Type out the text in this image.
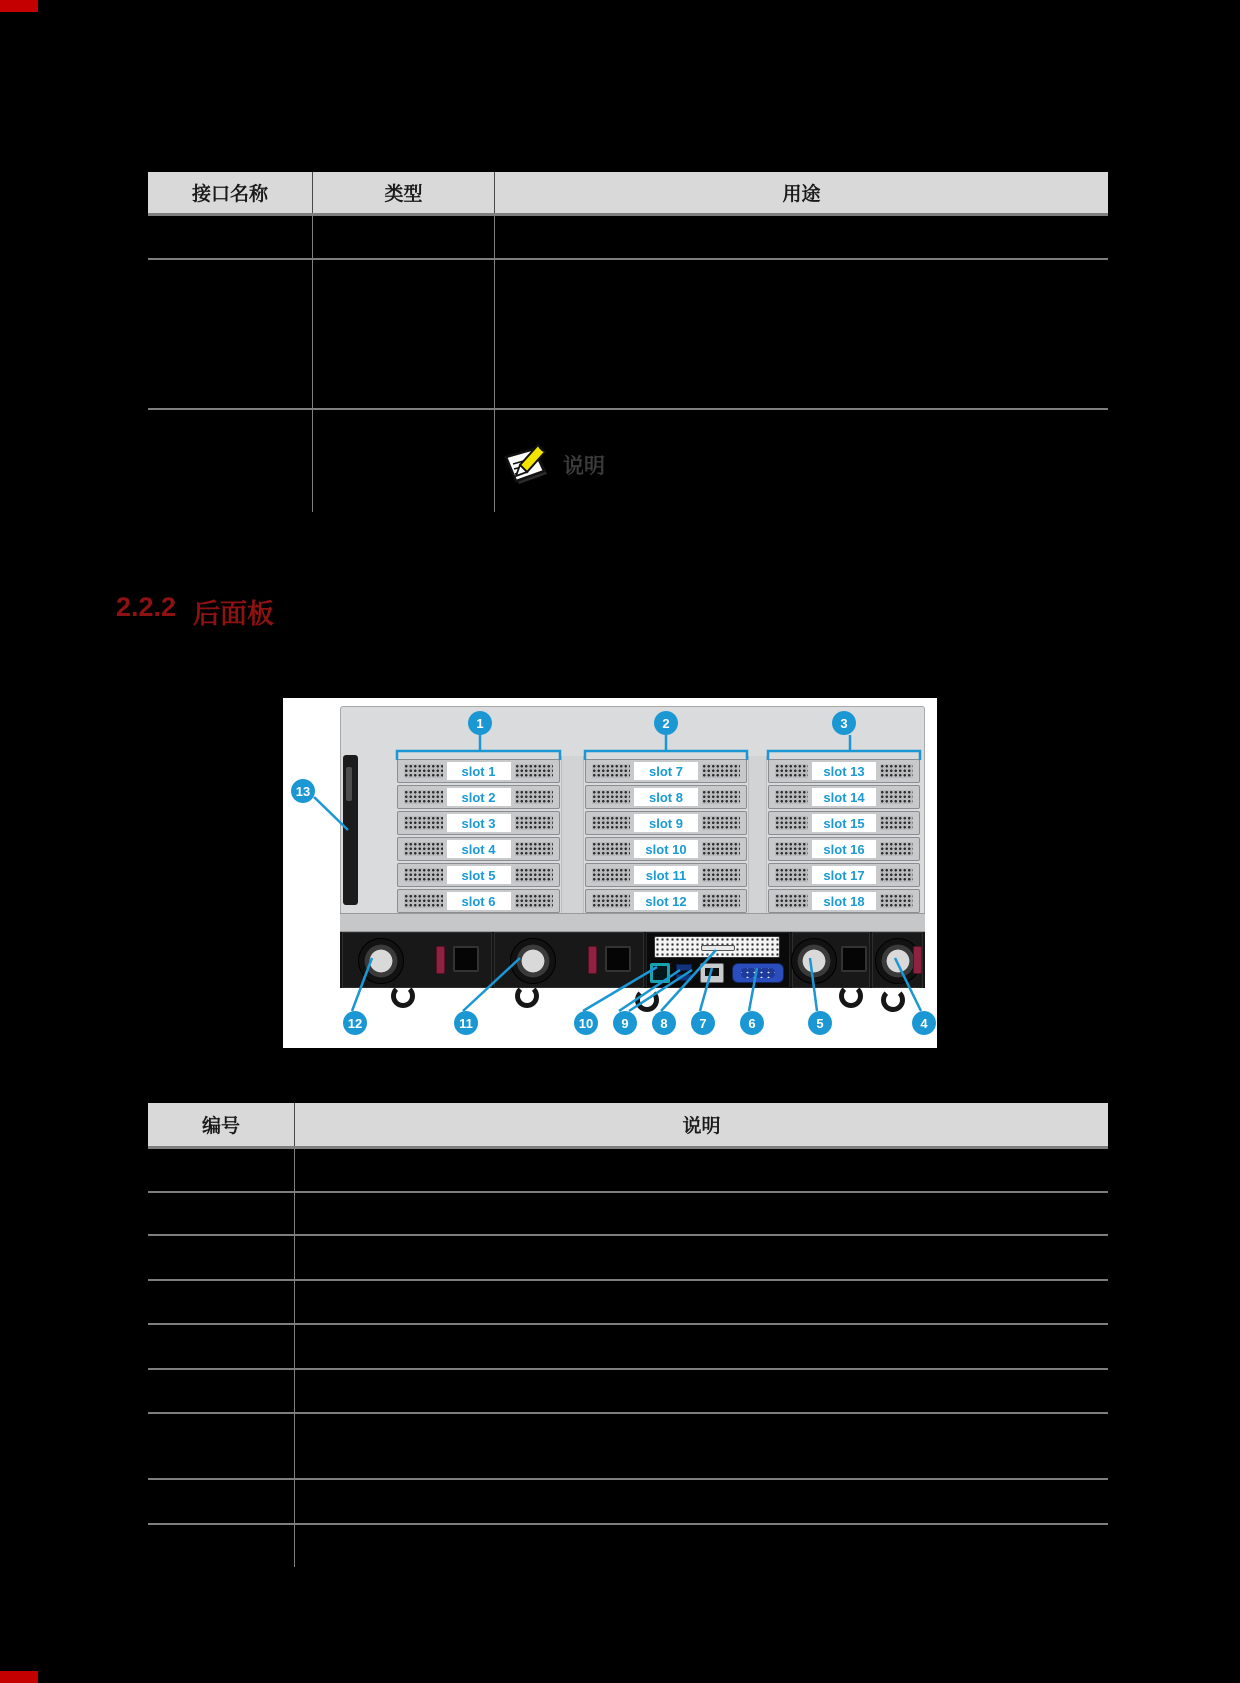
接口名称	类型	用途
说明
2.2.2 后面板
1
slot 1
slot 2
slot 3
slot 4
slot 5
slot 6
2
slot 7
slot 8
slot 9
slot 10
slot 11
slot 12
3
slot 13
slot 14
slot 15
slot 16
slot 17
slot 18
13
12	11	10	9	8	7	6	5	4
编号	说明
